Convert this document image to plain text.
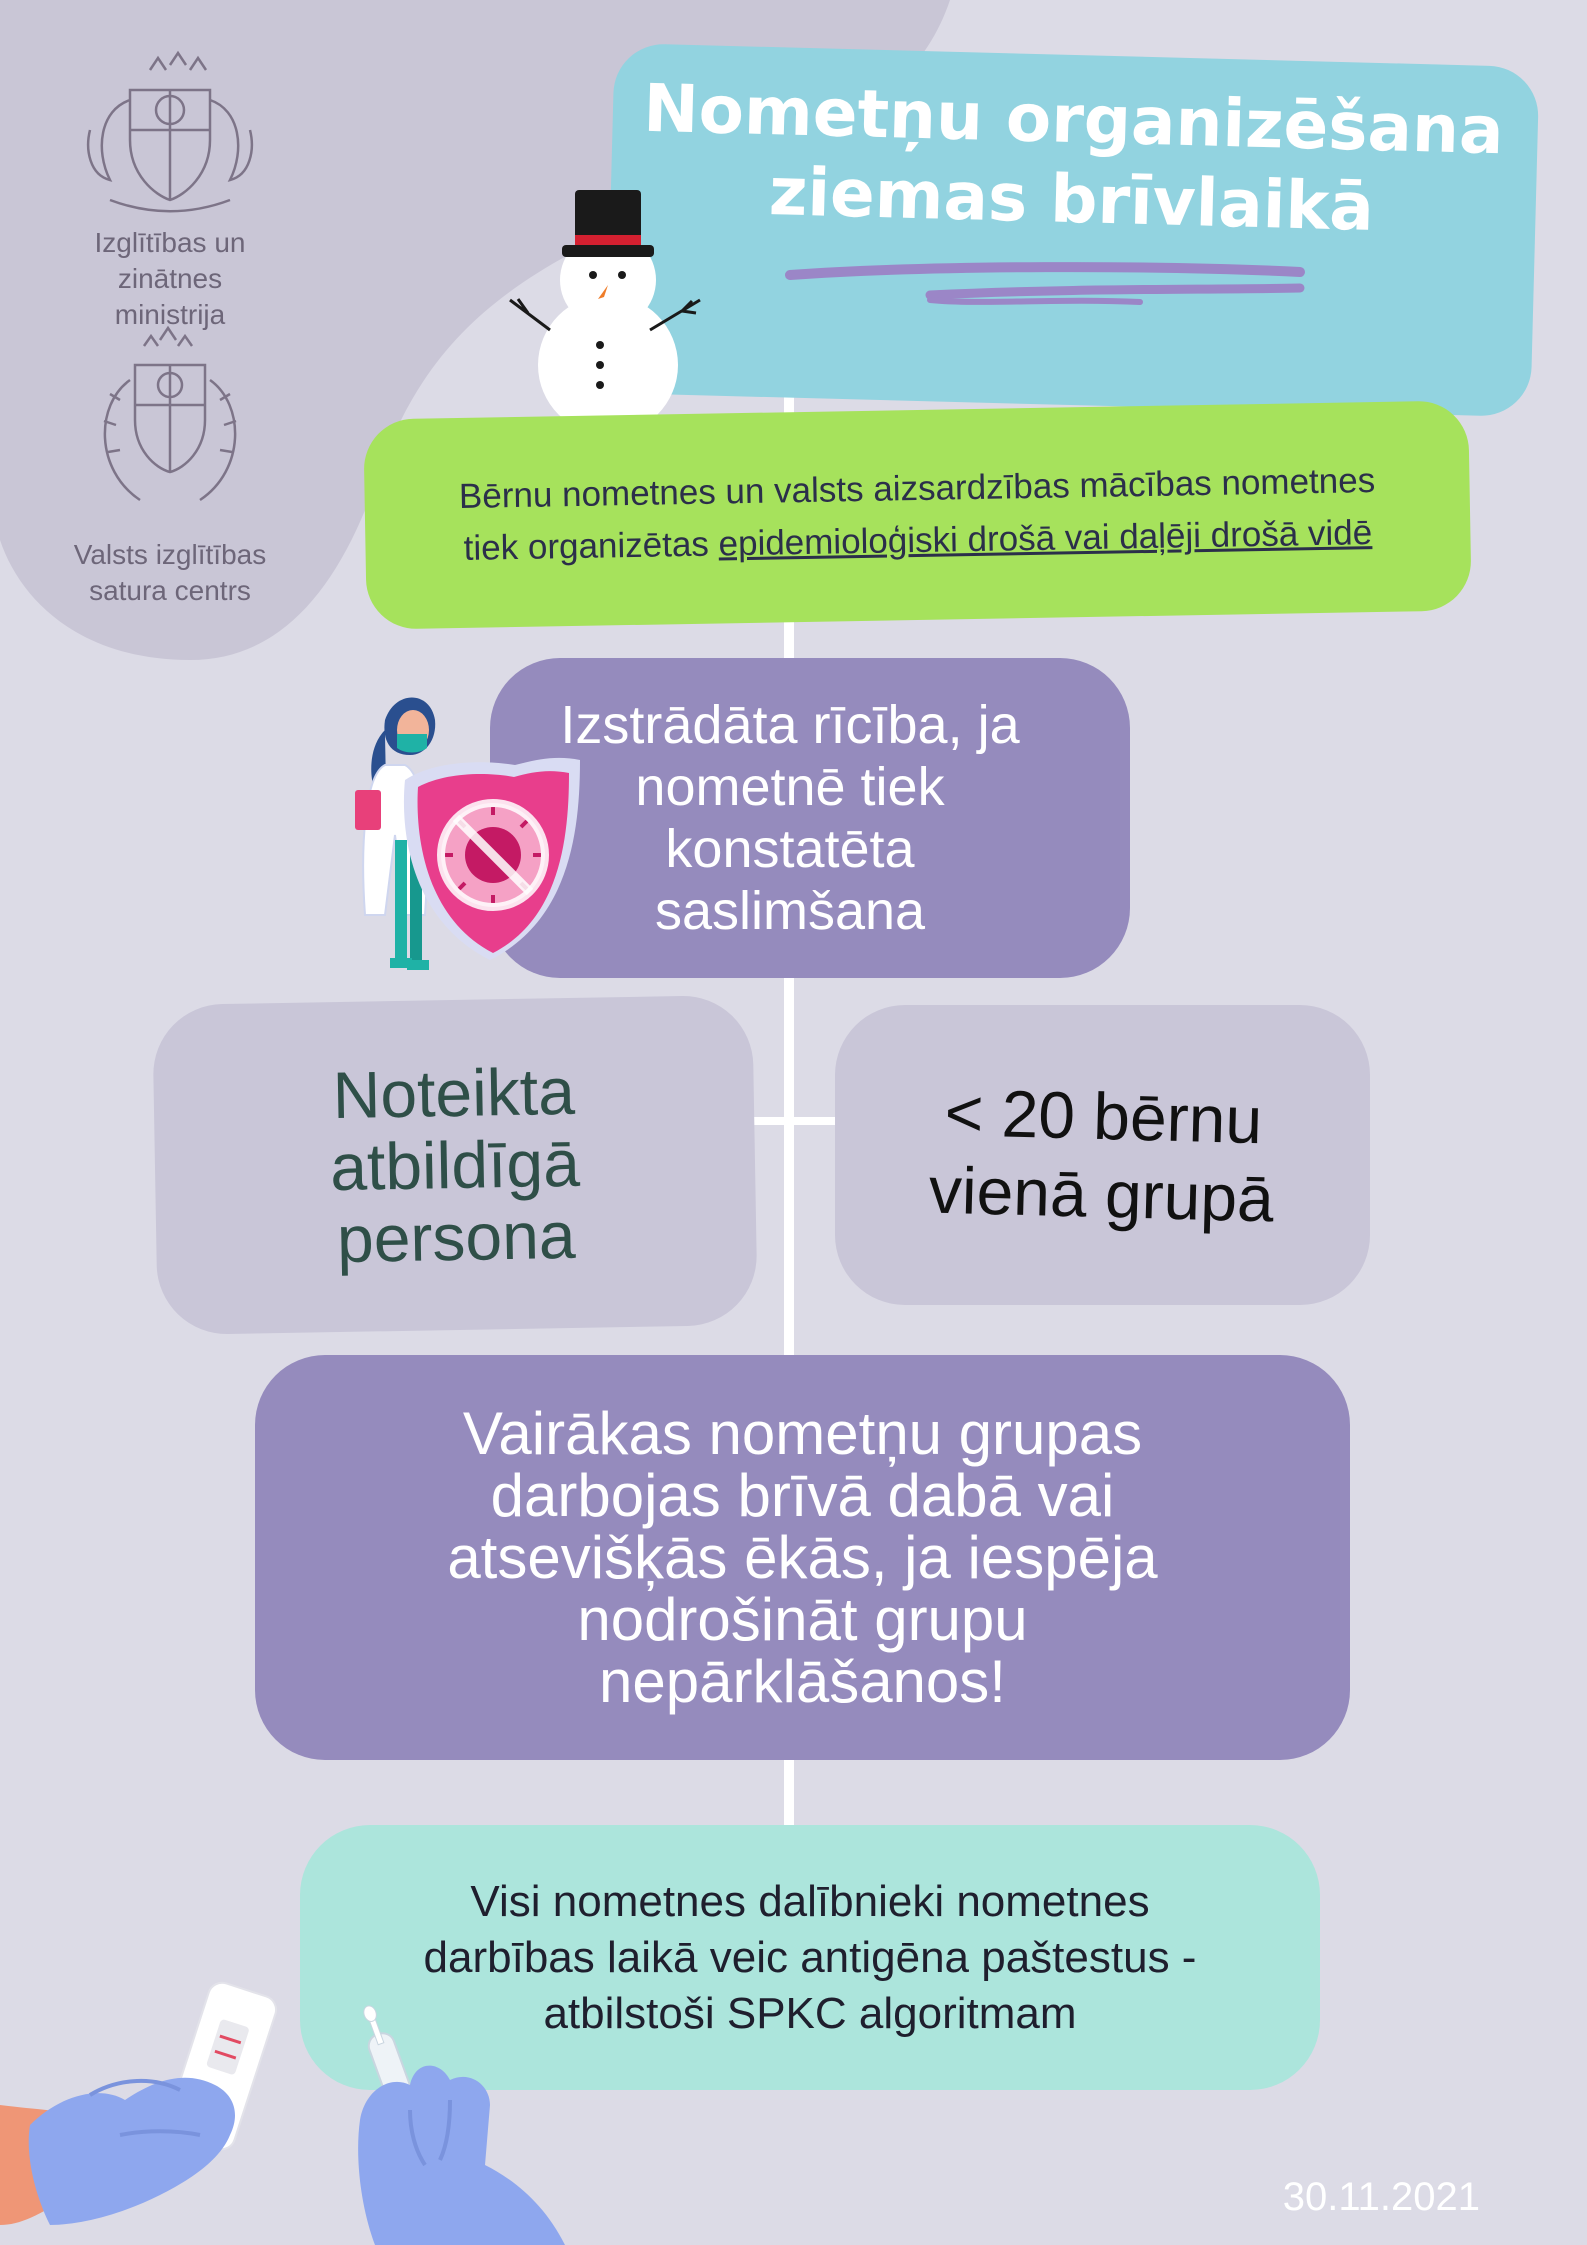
Izglītības un zinātnes
ministrija
Valsts izglītības
satura centrs
Nometņu organizēšana
ziemas brīvlaikā
Bērnu nometnes un valsts aizsardzības mācības nometnes tiek organizētas epidemioloģiski drošā vai daļēji drošā vidē
Izstrādāta rīcība, ja
nometnē tiek
konstatēta
saslimšana
Noteikta
atbildīgā
persona
< 20 bērnu
vienā grupā
Vairākas nometņu grupas
darbojas brīvā dabā vai
atsevišķās ēkās, ja iespēja
nodrošināt grupu
nepārklāšanos!
Visi nometnes dalībnieki nometnes
darbības laikā veic antigēna paštestus -
atbilstoši SPKC algoritmam
30.11.2021
